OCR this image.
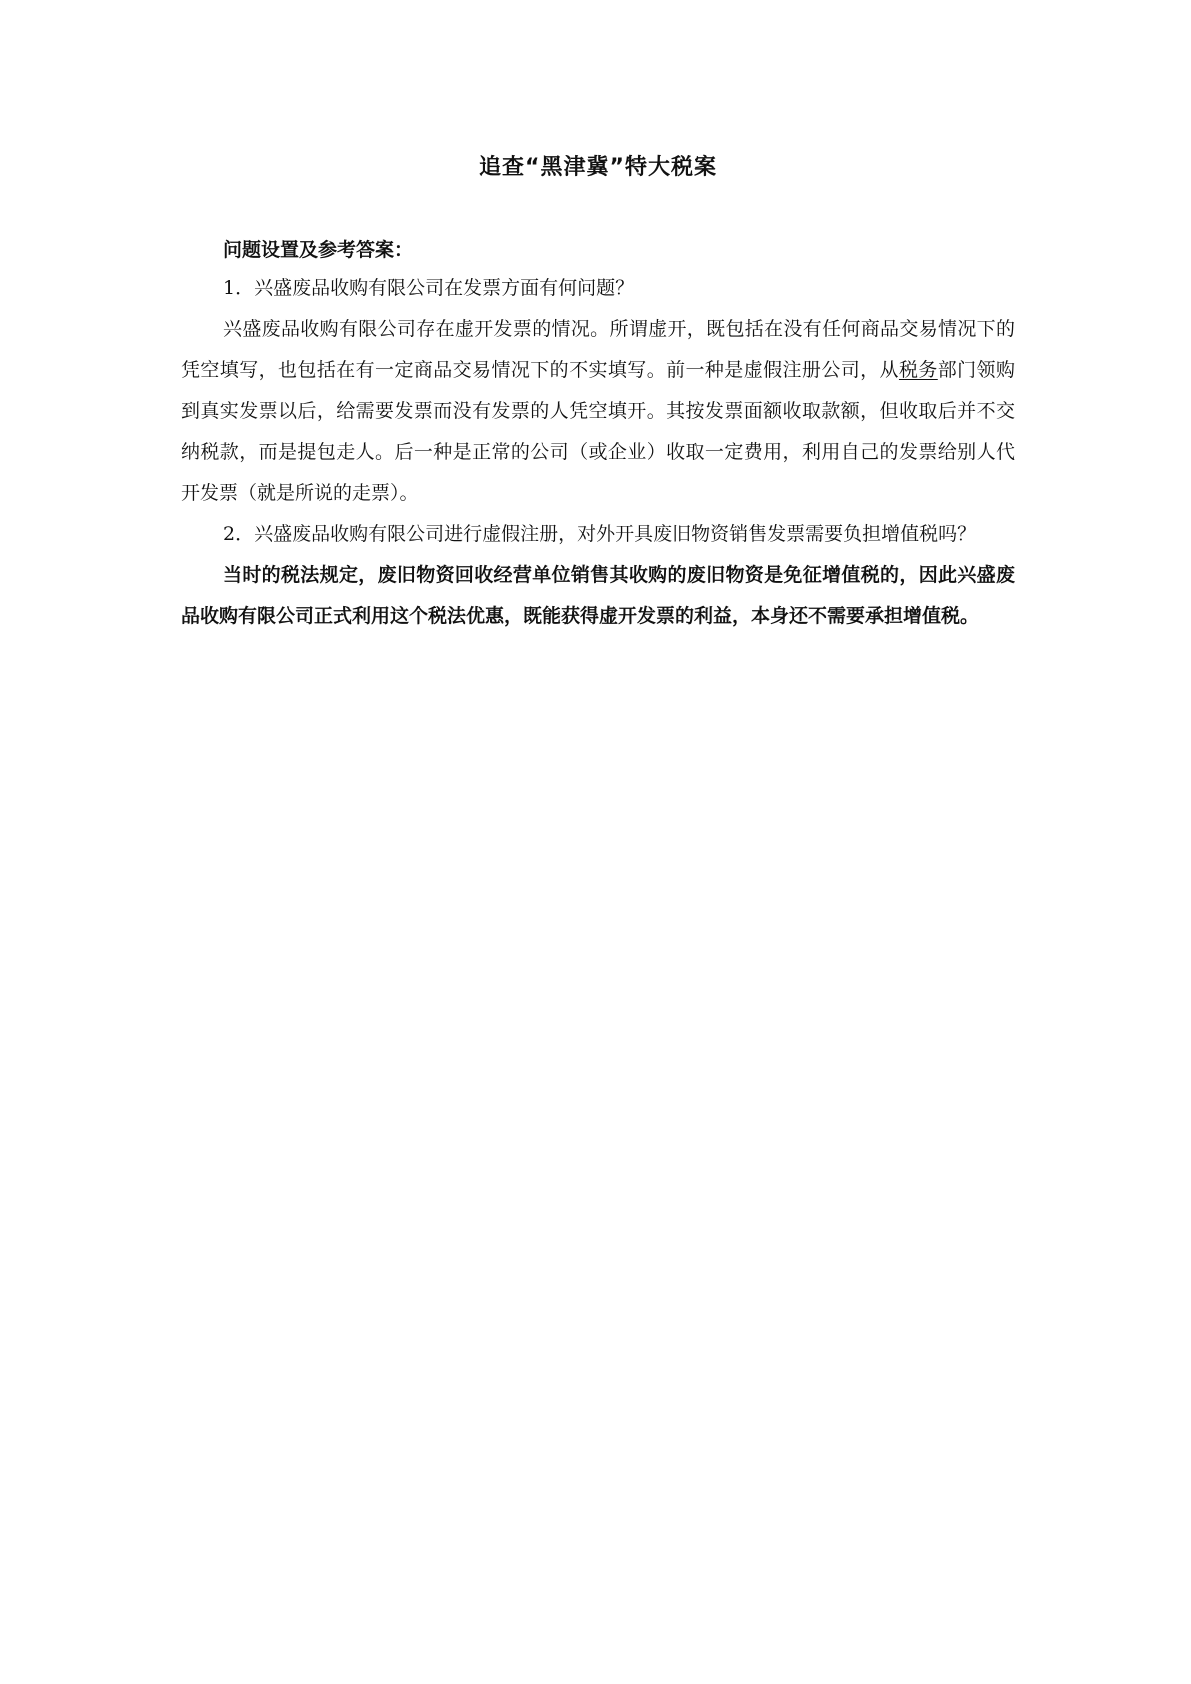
追查“黑津冀”特大税案

问题设置及参考答案：

1．兴盛废品收购有限公司在发票方面有何问题？

兴盛废品收购有限公司存在虚开发票的情况。所谓虚开，既包括在没有任何商品交易情况下的凭空填写，也包括在有一定商品交易情况下的不实填写。前一种是虚假注册公司，从税务部门领购到真实发票以后，给需要发票而没有发票的人凭空填开。其按发票面额收取款额，但收取后并不交纳税款，而是提包走人。后一种是正常的公司（或企业）收取一定费用，利用自己的发票给别人代开发票（就是所说的走票）。

2．兴盛废品收购有限公司进行虚假注册，对外开具废旧物资销售发票需要负担增值税吗？

当时的税法规定，废旧物资回收经营单位销售其收购的废旧物资是免征增值税的，因此兴盛废品收购有限公司正式利用这个税法优惠，既能获得虚开发票的利益，本身还不需要承担增值税。
